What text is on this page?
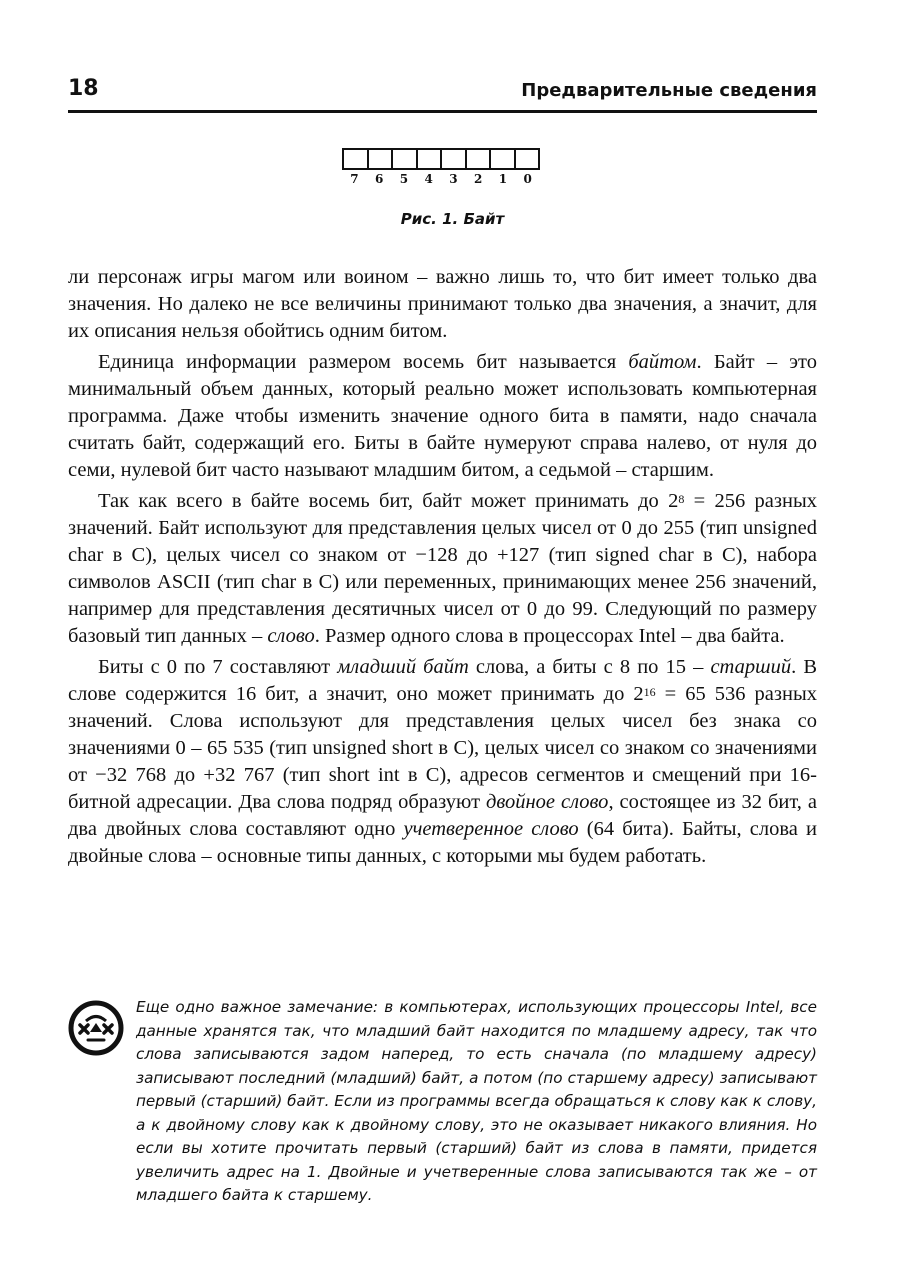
18	Предварительные сведения
7	6	5	4	3	2	1	0
Рис. 1. Байт

ли персонаж игры магом или воином – важно лишь то, что бит имеет только два значения. Но далеко не все величины принимают только два значения, а значит, для их описания нельзя обойтись одним битом.

Единица информации размером восемь бит называется байтом. Байт – это минимальный объем данных, который реально может использовать компьютерная программа. Даже чтобы изменить значение одного бита в памяти, надо сначала считать байт, содержащий его. Биты в байте нумеруют справа налево, от нуля до семи, нулевой бит часто называют младшим битом, а седьмой – старшим.

Так как всего в байте восемь бит, байт может принимать до $2^8 = 256$ разных значений. Байт используют для представления целых чисел от 0 до 255 (тип unsigned char в C), целых чисел со знаком от −128 до +127 (тип signed char в C), набора символов ASCII (тип char в C) или переменных, принимающих менее 256 значений, например для представления десятичных чисел от 0 до 99. Следующий по размеру базовый тип данных – слово. Размер одного слова в процессорах Intel – два байта.

Биты с 0 по 7 составляют младший байт слова, а биты с 8 по 15 – старший. В слове содержится 16 бит, а значит, оно может принимать до $2^{16} = 65$ 536 разных значений. Слова используют для представления целых чисел без знака со значениями 0 – 65 535 (тип unsigned short в C), целых чисел со знаком со значениями от −32 768 до +32 767 (тип short int в C), адресов сегментов и смещений при 16-битной адресации. Два слова подряд образуют двойное слово, состоящее из 32 бит, а два двойных слова составляют одно учетверенное слово (64 бита). Байты, слова и двойные слова – основные типы данных, с которыми мы будем работать.

Еще одно важное замечание: в компьютерах, использующих процессоры Intel, все данные хранятся так, что младший байт находится по младшему адресу, так что слова записываются задом наперед, то есть сначала (по младшему адресу) записывают последний (младший) байт, а потом (по старшему адресу) записывают первый (старший) байт. Если из программы всегда обращаться к слову как к слову, а к двойному слову как к двойному слову, это не оказывает никакого влияния. Но если вы хотите прочитать первый (старший) байт из слова в памяти, придется увеличить адрес на 1. Двойные и учетверенные слова записываются так же – от младшего байта к старшему.
